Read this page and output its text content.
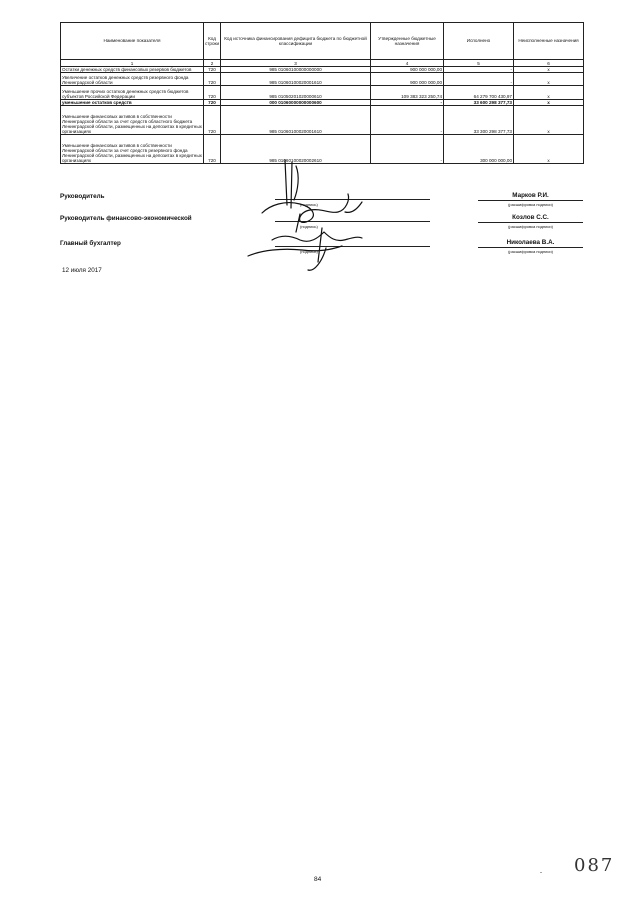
Наименование показателя	Код строки	Код источника финансирования дефицита бюджета по бюджетной классификации	Утвержденные бюджетные назначения	Исполнено	Неисполненные назначения
1	2	3	4	5	6
Остатки денежных средств финансовых резервов бюджетов	720	985 01060100000000000	900 000 000,00	-	x
Увеличение остатков денежных средств резервного фонда Ленинградской области	720	985 01060100020001610	900 000 000,00	-	x
Уменьшение прочих остатков денежных средств бюджетов субъектов Российской Федерации	720	985 01050201020000610	109 383 323 250,74	64 279 700 430,97	x
уменьшение остатков средств	720	000 01060000000000600	-	33 600 298 377,73	x
Уменьшение финансовых активов в собственности Ленинградской области за счет средств областного бюджета Ленинградской области, размещенных на депозитах в кредитных организациях	720	985 01060100020001610	-	33 300 298 377,73	x
Уменьшение финансовых активов в собственности Ленинградской области за счет средств резервного фонда Ленинградской области, размещенных на депозитах в кредитных организациях	720	985 01060100020002610	-	300 000 000,00	x
Руководитель
(подпись)
Марков Р.И.
(расшифровка подписи)
Руководитель финансово-экономической
(подпись)
Козлов С.С.
(расшифровка подписи)
Главный бухгалтер
(подпись)
Николаева В.А.
(расшифровка подписи)
12 июля 2017
- 087
84
